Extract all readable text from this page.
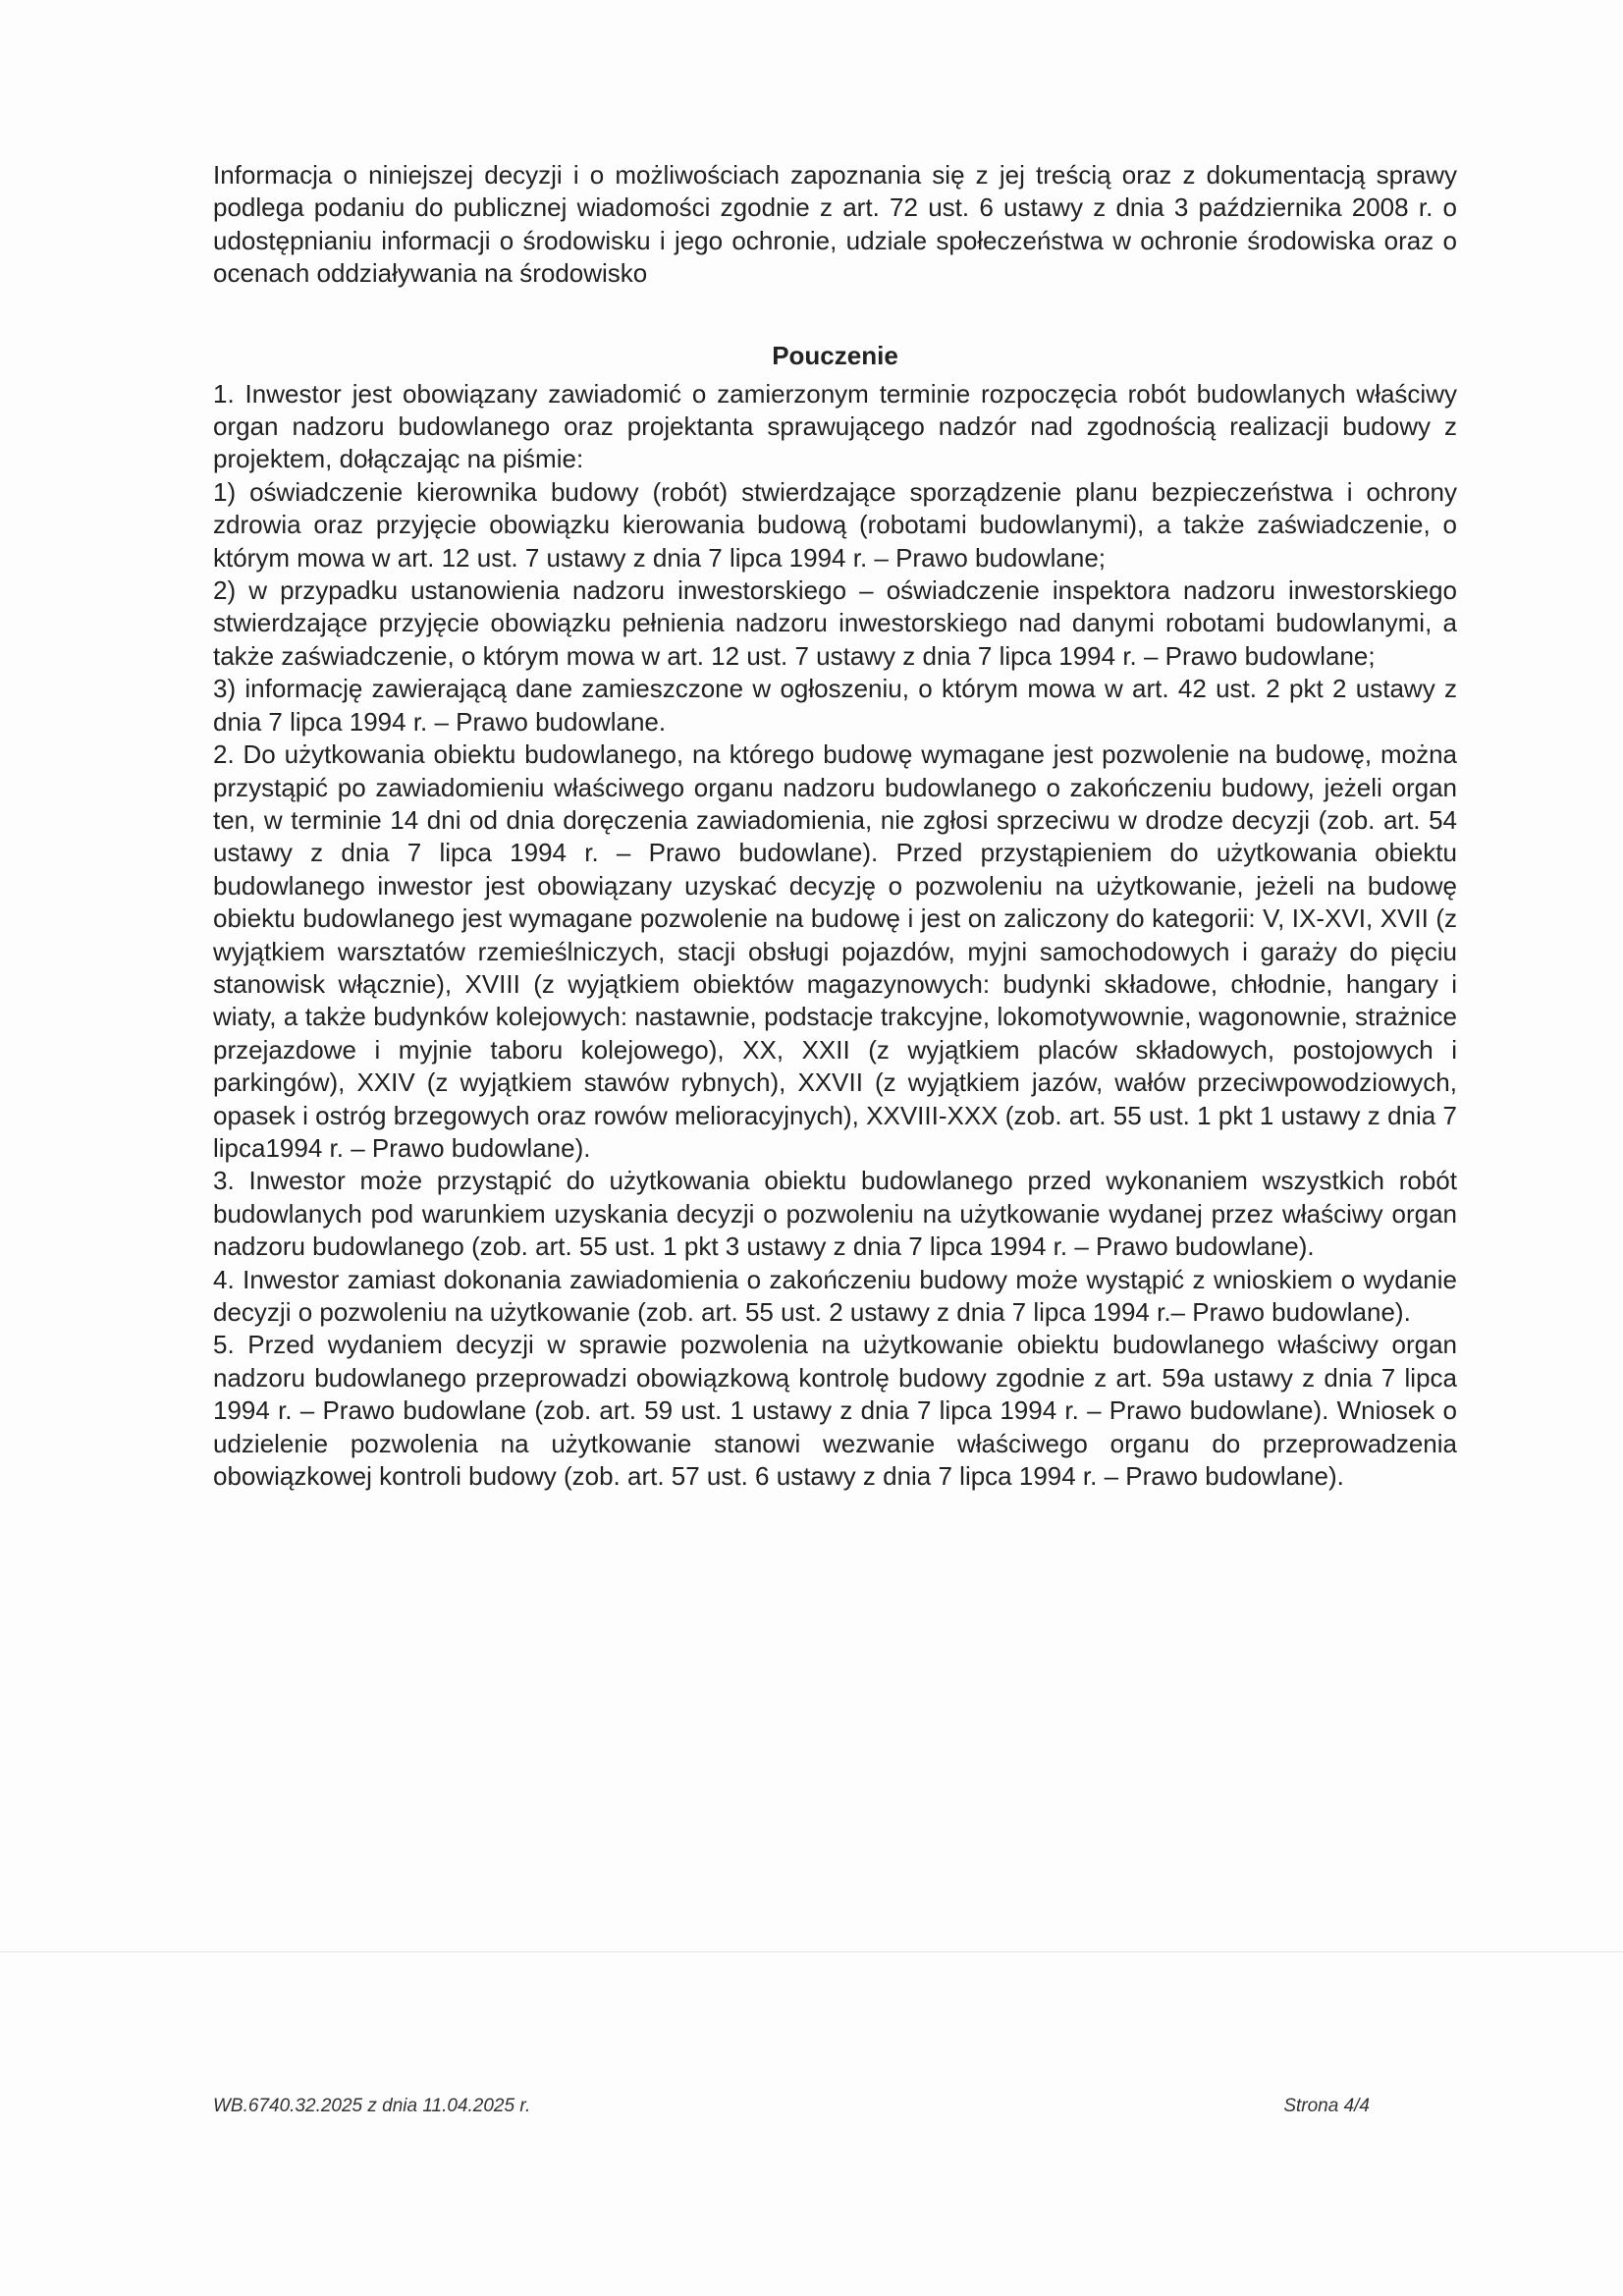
Informacja o niniejszej decyzji i o możliwościach zapoznania się z jej treścią oraz z dokumentacją sprawy podlega podaniu do publicznej wiadomości zgodnie z art. 72 ust. 6 ustawy z dnia 3 października 2008 r. o udostępnianiu informacji o środowisku i jego ochronie, udziale społeczeństwa w ochronie środowiska oraz o ocenach oddziaływania na środowisko

Pouczenie

1. Inwestor jest obowiązany zawiadomić o zamierzonym terminie rozpoczęcia robót budowlanych właściwy organ nadzoru budowlanego oraz projektanta sprawującego nadzór nad zgodnością realizacji budowy z projektem, dołączając na piśmie:

1) oświadczenie kierownika budowy (robót) stwierdzające sporządzenie planu bezpieczeństwa i ochrony zdrowia oraz przyjęcie obowiązku kierowania budową (robotami budowlanymi), a także zaświadczenie, o którym mowa w art. 12 ust. 7 ustawy z dnia 7 lipca 1994 r. – Prawo budowlane;

2) w przypadku ustanowienia nadzoru inwestorskiego – oświadczenie inspektora nadzoru inwestorskiego stwierdzające przyjęcie obowiązku pełnienia nadzoru inwestorskiego nad danymi robotami budowlanymi, a także zaświadczenie, o którym mowa w art. 12 ust. 7 ustawy z dnia 7 lipca 1994 r. – Prawo budowlane;

3) informację zawierającą dane zamieszczone w ogłoszeniu, o którym mowa w art. 42 ust. 2 pkt 2 ustawy z dnia 7 lipca 1994 r. – Prawo budowlane.

2. Do użytkowania obiektu budowlanego, na którego budowę wymagane jest pozwolenie na budowę, można przystąpić po zawiadomieniu właściwego organu nadzoru budowlanego o zakończeniu budowy, jeżeli organ ten, w terminie 14 dni od dnia doręczenia zawiadomienia, nie zgłosi sprzeciwu w drodze decyzji (zob. art. 54 ustawy z dnia 7 lipca 1994 r. – Prawo budowlane). Przed przystąpieniem do użytkowania obiektu budowlanego inwestor jest obowiązany uzyskać decyzję o pozwoleniu na użytkowanie, jeżeli na budowę obiektu budowlanego jest wymagane pozwolenie na budowę i jest on zaliczony do kategorii: V, IX-XVI, XVII (z wyjątkiem warsztatów rzemieślniczych, stacji obsługi pojazdów, myjni samochodowych i garaży do pięciu stanowisk włącznie), XVIII (z wyjątkiem obiektów magazynowych: budynki składowe, chłodnie, hangary i wiaty, a także budynków kolejowych: nastawnie, podstacje trakcyjne, lokomotywownie, wagonownie, strażnice przejazdowe i myjnie taboru kolejowego), XX, XXII (z wyjątkiem placów składowych, postojowych i parkingów), XXIV (z wyjątkiem stawów rybnych), XXVII (z wyjątkiem jazów, wałów przeciwpowodziowych, opasek i ostróg brzegowych oraz rowów melioracyjnych), XXVIII-XXX (zob. art. 55 ust. 1 pkt 1 ustawy z dnia 7 lipca1994 r. – Prawo budowlane).

3. Inwestor może przystąpić do użytkowania obiektu budowlanego przed wykonaniem wszystkich robót budowlanych pod warunkiem uzyskania decyzji o pozwoleniu na użytkowanie wydanej przez właściwy organ nadzoru budowlanego (zob. art. 55 ust. 1 pkt 3 ustawy z dnia 7 lipca 1994 r. – Prawo budowlane).

4. Inwestor zamiast dokonania zawiadomienia o zakończeniu budowy może wystąpić z wnioskiem o wydanie decyzji o pozwoleniu na użytkowanie (zob. art. 55 ust. 2 ustawy z dnia 7 lipca 1994 r.– Prawo budowlane).

5. Przed wydaniem decyzji w sprawie pozwolenia na użytkowanie obiektu budowlanego właściwy organ nadzoru budowlanego przeprowadzi obowiązkową kontrolę budowy zgodnie z art. 59a ustawy z dnia 7 lipca 1994 r. – Prawo budowlane (zob. art. 59 ust. 1 ustawy z dnia 7 lipca 1994 r. – Prawo budowlane). Wniosek o udzielenie pozwolenia na użytkowanie stanowi wezwanie właściwego organu do przeprowadzenia obowiązkowej kontroli budowy (zob. art. 57 ust. 6 ustawy z dnia 7 lipca 1994 r. – Prawo budowlane).

WB.6740.32.2025 z dnia 11.04.2025 r.	Strona 4/4
